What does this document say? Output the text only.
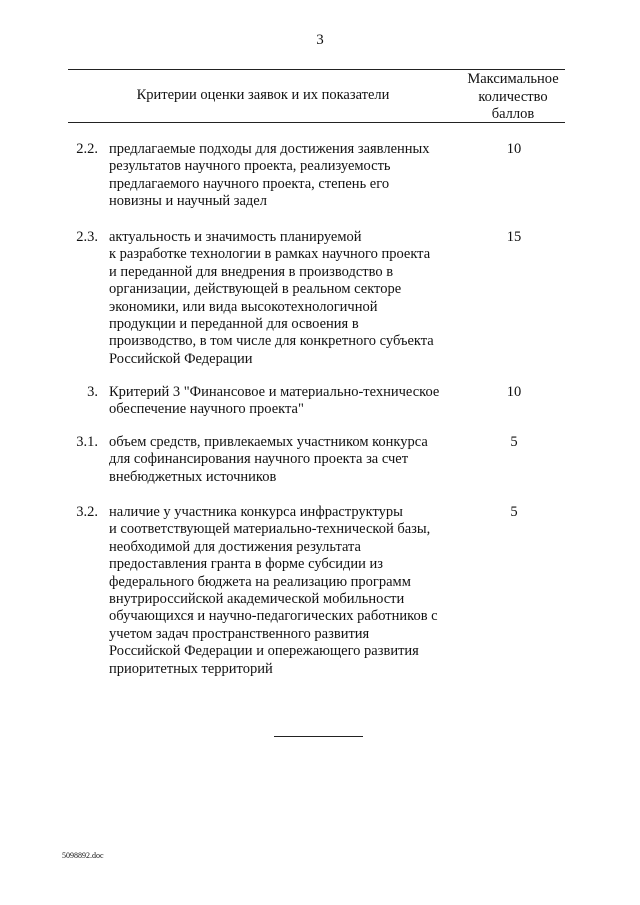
3
Критерии оценки заявок и их показатели
Максимальное
количество
баллов
2.2. предлагаемые подходы для достижения заявленных
результатов научного проекта, реализуемость
предлагаемого научного проекта, степень его
новизны и научный задел
10
2.3. актуальность и значимость планируемой
к разработке технологии в рамках научного проекта
и переданной для внедрения в производство в
организации, действующей в реальном секторе
экономики, или вида высокотехнологичной
продукции и переданной для освоения в
производство, в том числе для конкретного субъекта
Российской Федерации
15
3. Критерий 3 "Финансовое и материально-техническое
обеспечение научного проекта"
10
3.1. объем средств, привлекаемых участником конкурса
для софинансирования научного проекта за счет
внебюджетных источников
5
3.2. наличие у участника конкурса инфраструктуры
и соответствующей материально-технической базы,
необходимой для достижения результата
предоставления гранта в форме субсидии из
федерального бюджета на реализацию программ
внутрироссийской академической мобильности
обучающихся и научно-педагогических работников с
учетом задач пространственного развития
Российской Федерации и опережающего развития
приоритетных территорий
5
5098892.doc
